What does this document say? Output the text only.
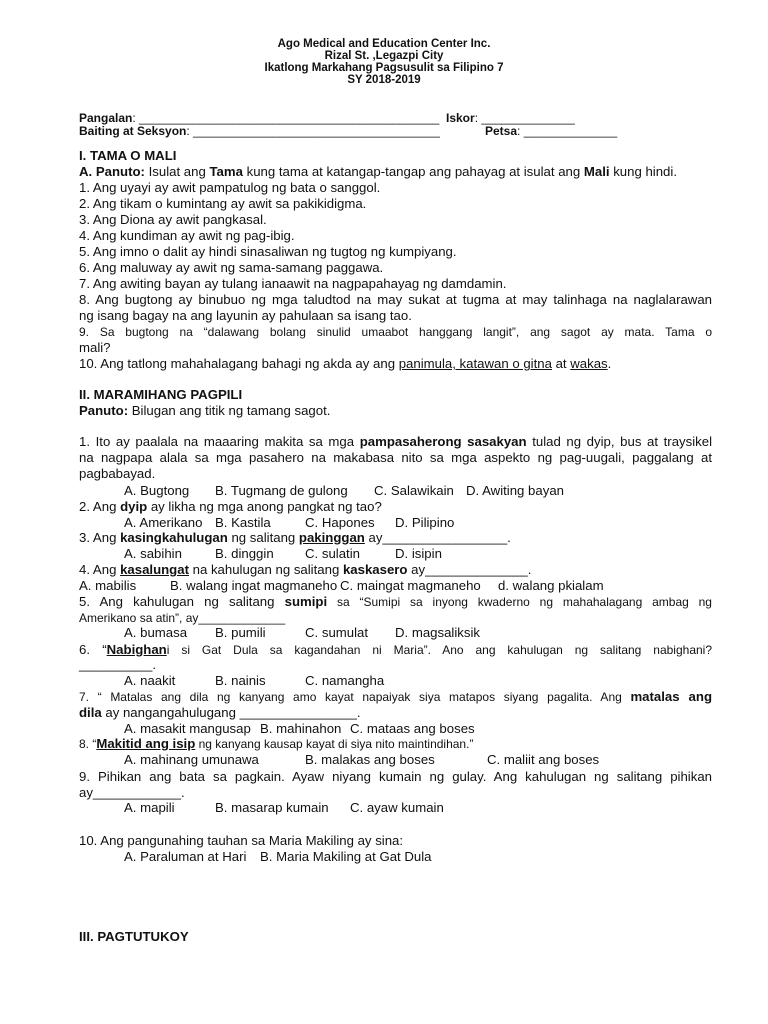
Ago Medical and Education Center Inc.
Rizal St. ,Legazpi City
Ikatlong Markahang Pagsusulit sa Filipino 7
SY 2018-2019
Pangalan: _____________________________________________ Iskor: ______________
Baiting at Seksyon: _____________________________________	Petsa: ______________
I. TAMA O MALI
A. Panuto: Isulat ang Tama kung tama at katangap-tangap ang pahayag at isulat ang Mali kung hindi.
1. Ang uyayi ay awit pampatulog ng bata o sanggol.
2. Ang tikam o kumintang ay awit sa pakikidigma.
3. Ang Diona ay awit pangkasal.
4. Ang kundiman ay awit ng pag-ibig.
5. Ang imno o dalit ay hindi sinasaliwan ng tugtog ng kumpiyang.
6. Ang maluway ay awit ng sama-samang paggawa.
7. Ang awiting bayan ay tulang ianaawit na nagpapahayag ng damdamin.
8. Ang bugtong ay binubuo ng mga taludtod na may sukat at tugma at may talinhaga na naglalarawan
ng isang bagay na ang layunin ay pahulaan sa isang tao.
9. Sa bugtong na “dalawang bolang sinulid umaabot hanggang langit”, ang sagot ay mata. Tama o
mali?
10. Ang tatlong mahahalagang bahagi ng akda ay ang panimula, katawan o gitna at wakas.
II. MARAMIHANG PAGPILI
Panuto: Bilugan ang titik ng tamang sagot.
1. Ito ay paalala na maaaring makita sa mga pampasaherong sasakyan tulad ng dyip, bus at traysikel
na nagpapa alala sa mga pasahero na makabasa nito sa mga aspekto ng pag-uugali, paggalang at
pagbabayad.
A. Bugtong B. Tugmang de gulong C. Salawikain D. Awiting bayan
2. Ang dyip ay likha ng mga anong pangkat ng tao?
A. Amerikano B. Kastila	C. Hapones D. Pilipino
3. Ang kasingkahulugan ng salitang pakinggan ay_________________.
A. sabihin	B. dinggin C. sulatin	D. isipin
4. Ang kasalungat na kahulugan ng salitang kaskasero ay______________.
A. mabilis	B. walang ingat magmaneho C. maingat magmaneho d. walang pkialam
5. Ang kahulugan ng salitang sumipi sa “Sumipi sa inyong kwaderno ng mahahalagang ambag ng
Amerikano sa atin”, ay_____________
A. bumasa B. pumili	C. sumulat D. magsaliksik
6. “Nabighani si Gat Dula sa kagandahan ni Maria”. Ano ang kahulugan ng salitang nabighani?
__________.
A. naakit	B. nainis	C. namangha
7. “ Matalas ang dila ng kanyang amo kayat napaiyak siya matapos siyang pagalita. Ang matalas ang
dila ay nangangahulugang ________________.
A. masakit mangusap B. mahinahon C. mataas ang boses
8. “Makitid ang isip ng kanyang kausap kayat di siya nito maintindihan.”
A. mahinang umunawa	B. malakas ang boses	C. maliit ang boses
9. Pihikan ang bata sa pagkain. Ayaw niyang kumain ng gulay. Ang kahulugan ng salitang pihikan
ay____________.
A. mapili	B. masarap kumain C. ayaw kumain
10. Ang pangunahing tauhan sa Maria Makiling ay sina:
A. Paraluman at Hari B. Maria Makiling at Gat Dula
III. PAGTUTUKOY
